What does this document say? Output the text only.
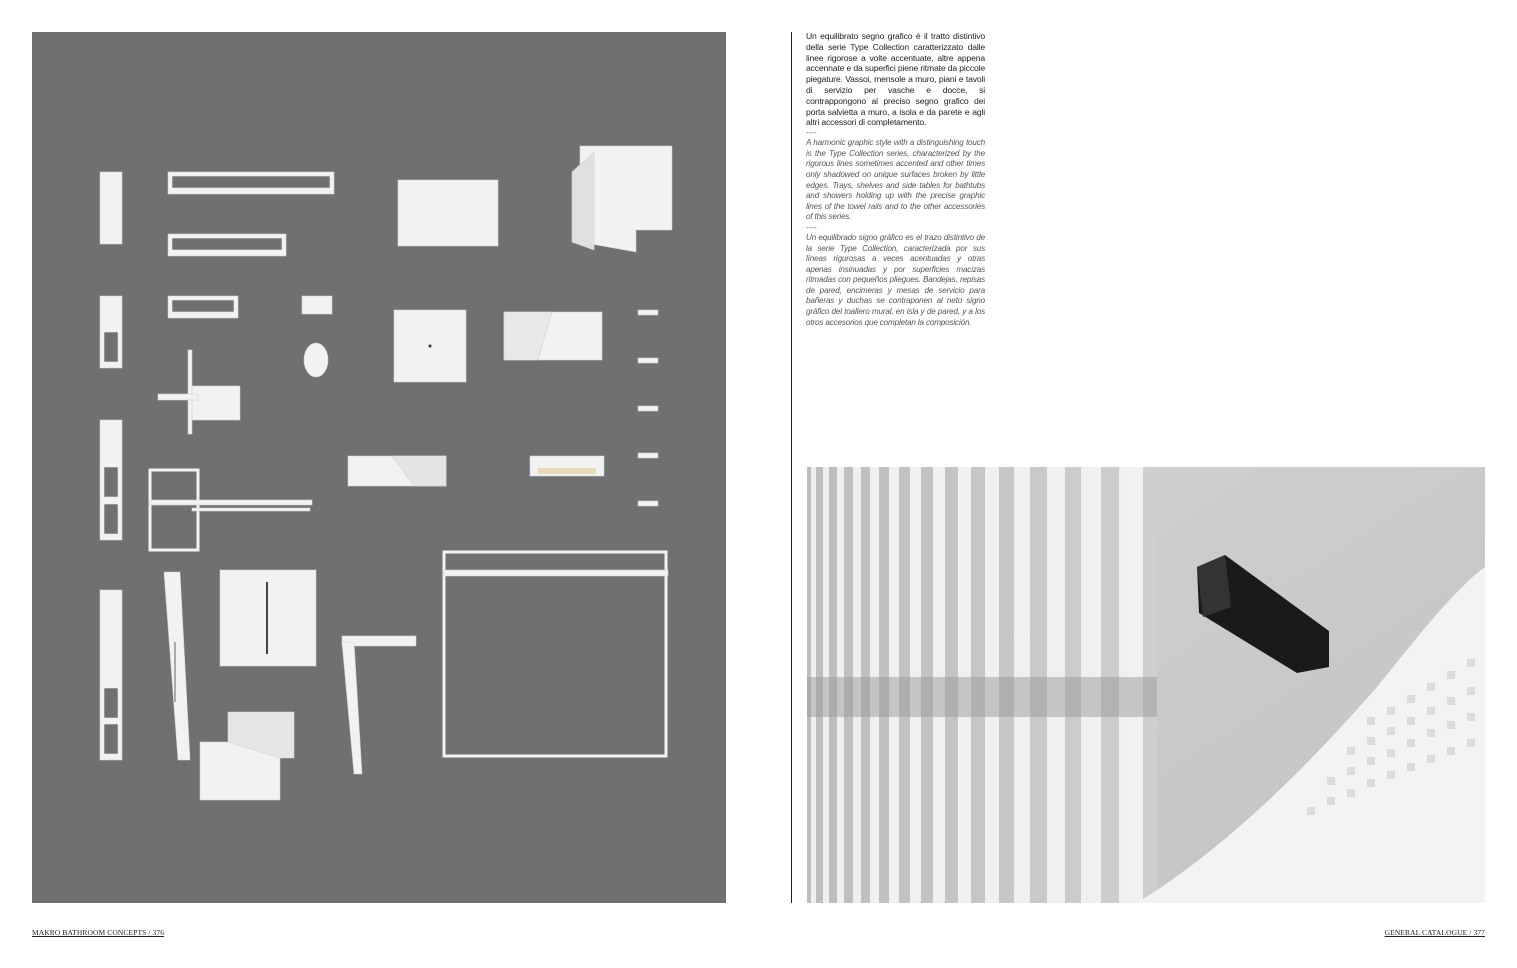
MAKRO BATHROOM CONCEPTS / 376

Un equilibrato segno grafico è il tratto distintivo della serie Type Collection caratterizzato dalle linee rigorose a volte accentuate, altre appena accennate e da superfici piene ritmate da piccole piegature. Vassoi, mensole a muro, piani e tavoli di servizio per vasche e docce, si contrappongono al preciso segno grafico dei porta salvietta a muro, a isola e da parete e agli altri accessori di completamento.

----

A harmonic graphic style with a distinguishing touch is the Type Collection series, characterized by the rigorous lines sometimes accented and other times only shadowed on unique surfaces broken by little edges. Trays, shelves and side tables for bathtubs and showers holding up with the precise graphic lines of the towel rails and to the other accessories of this series.

----

Un equilibrado signo gráfico es el trazo distintivo de la serie Type Collection, caracterizada por sus líneas rigurosas a veces acentuadas y otras apenas insinuadas y por superficies macizas ritmadas con pequeños pliegues. Bandejas, repisas de pared, encimeras y mesas de servicio para bañeras y duchas se contraponen al neto signo gráfico del toallero mural, en isla y de pared, y a los otros accesorios que completan la composición.

GENERAL CATALOGUE / 377
